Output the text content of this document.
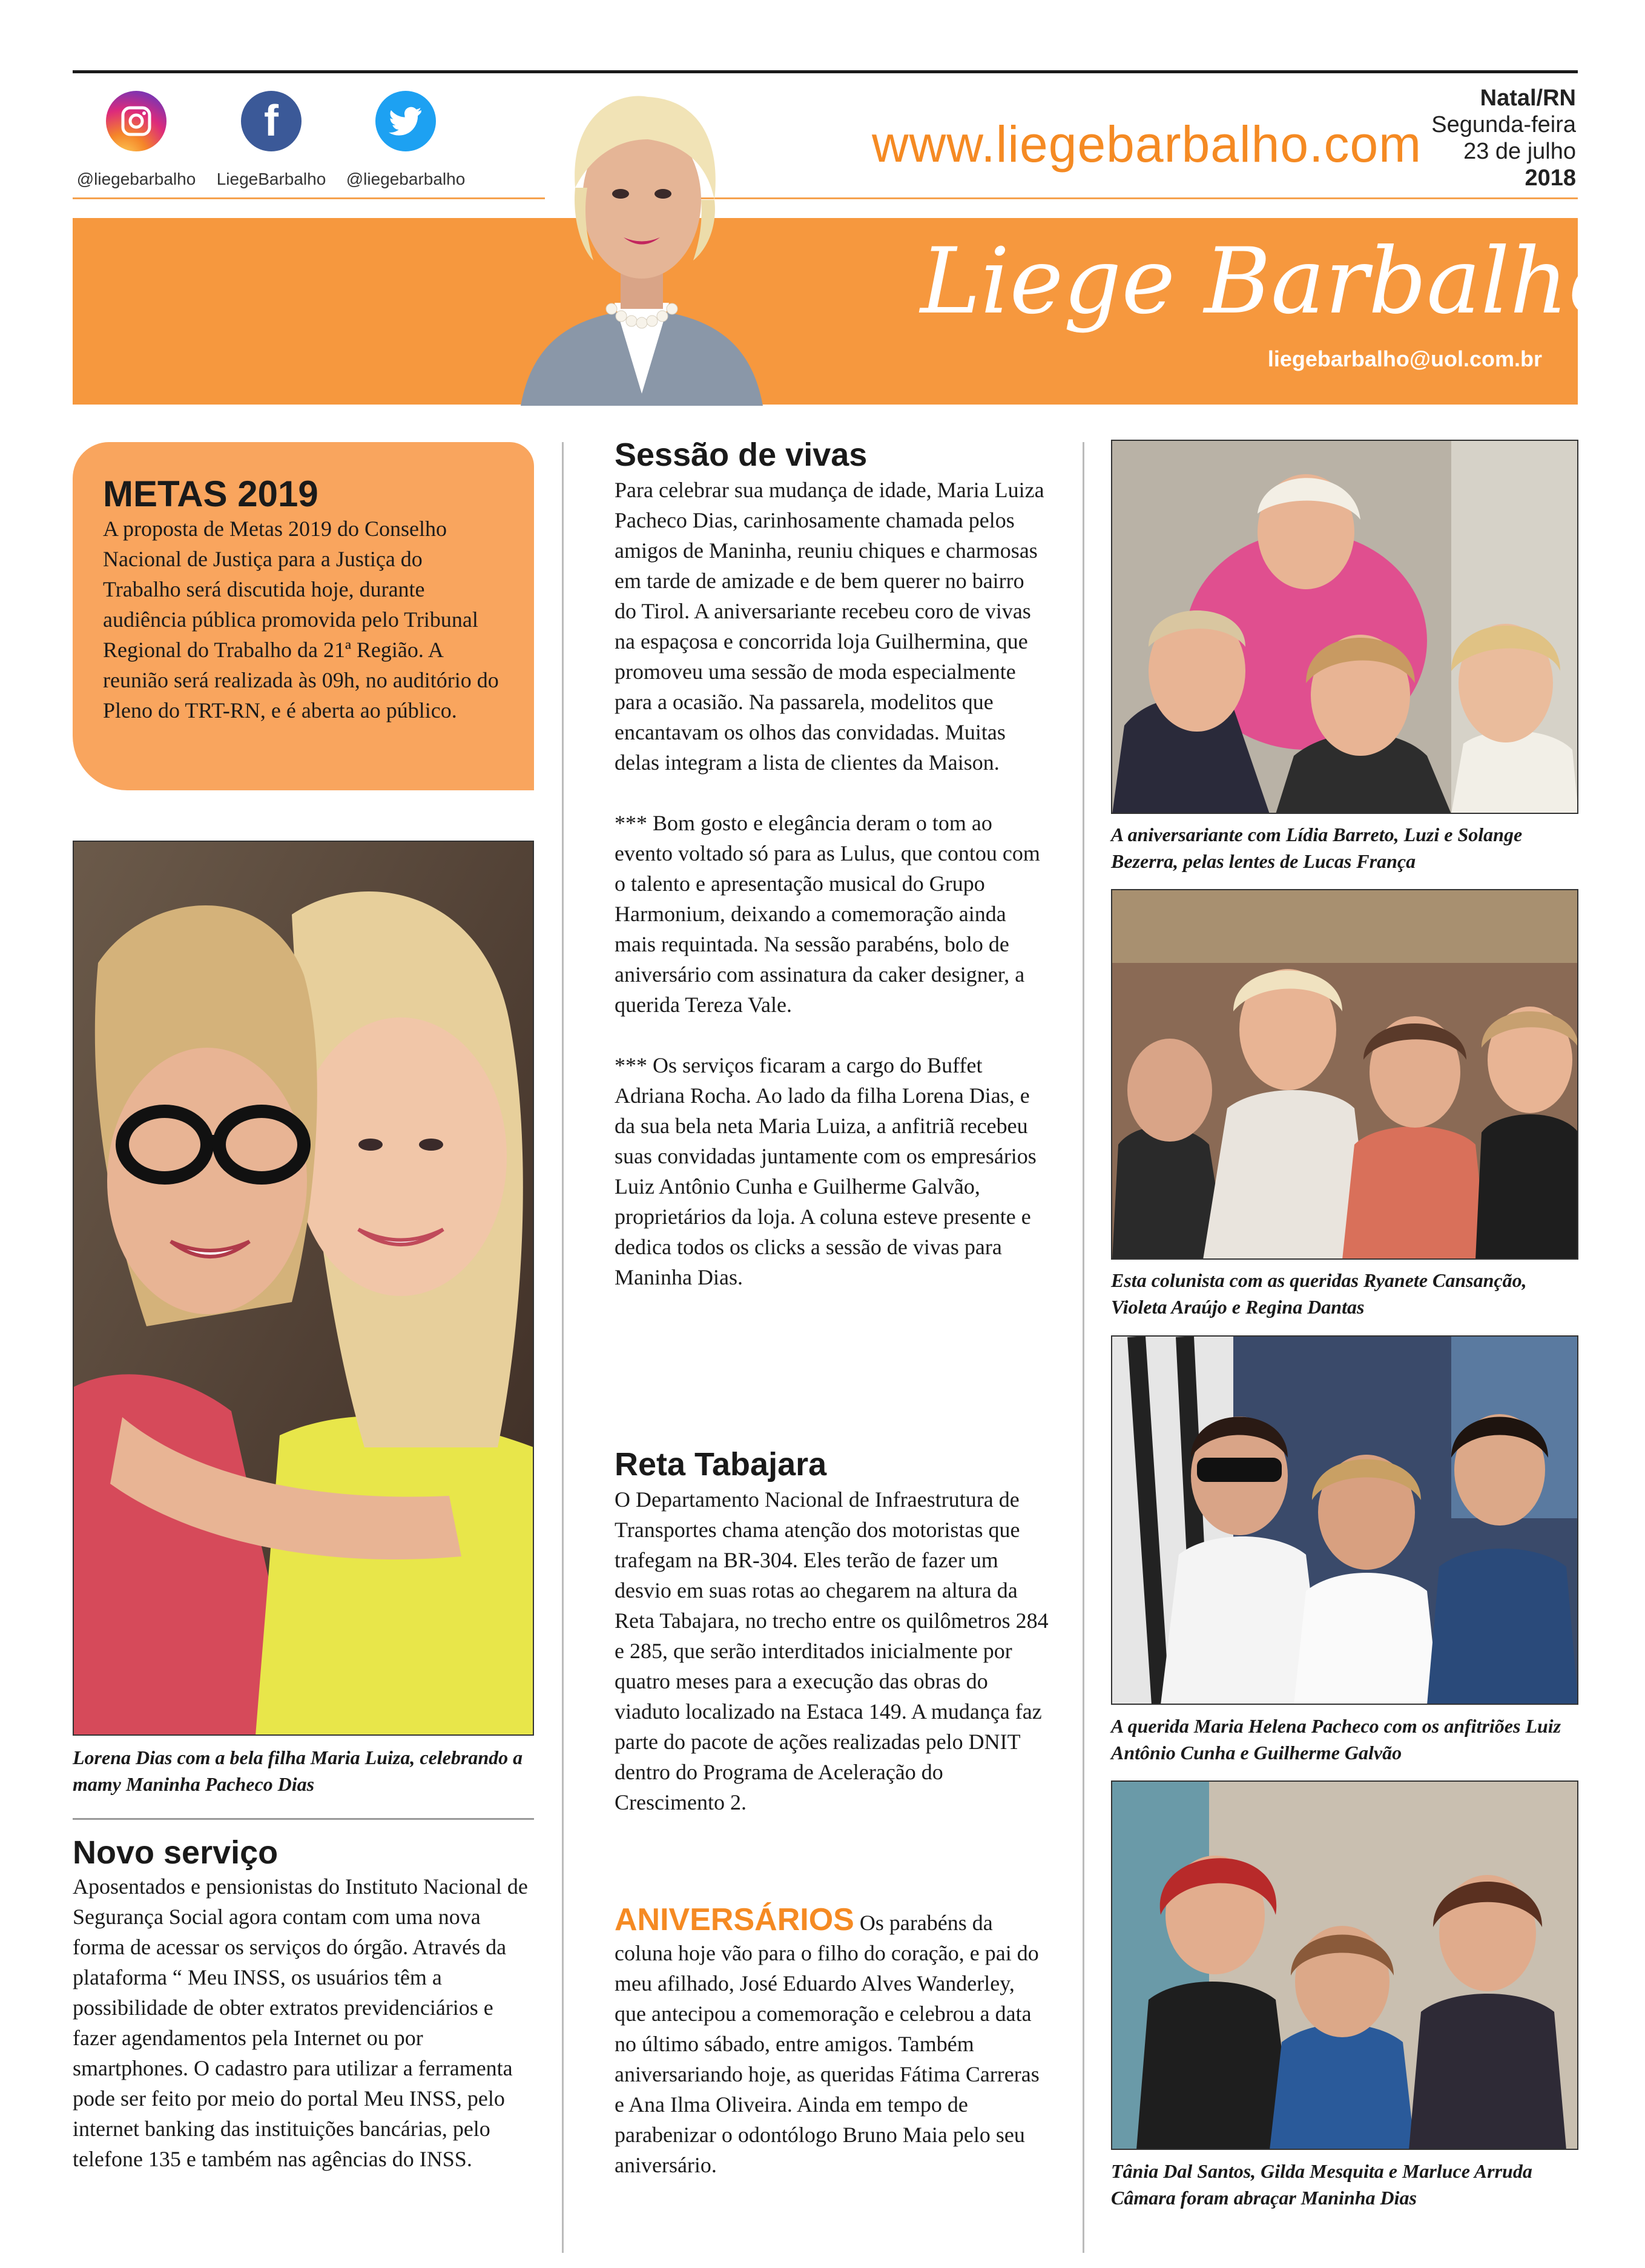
@liegebarbalho
f
LiegeBarbalho	@liegebarbalho
www.liegebarbalho.com
Natal/RN
Segunda-feira
23 de julho
2018
Liege Barbalho
liegebarbalho@uol.com.br
METAS 2019
A proposta de Metas 2019 do Conselho Nacional de Justiça para a Justiça do Trabalho será discutida hoje, durante audiência pública promovida pelo Tribunal Regional do Trabalho da 21ª Região. A reunião será realizada às 09h, no auditório do Pleno do TRT-RN, e é aberta ao público.
Lorena Dias com a bela filha Maria Luiza, celebrando a mamy Maninha Pacheco Dias
Novo serviço
Aposentados e pensionistas do Instituto Nacional de Segurança Social agora contam com uma nova forma de acessar os serviços do órgão. Através da plataforma “ Meu INSS, os usuários têm a possibilidade de obter extratos previdenciários e fazer agendamentos pela Internet ou por smartphones. O cadastro para utilizar a ferramenta pode ser feito por meio do portal Meu INSS, pelo internet banking das instituições bancárias, pelo telefone 135 e também nas agências do INSS.
Sessão de vivas
Para celebrar sua mudança de idade, Maria Luiza Pacheco Dias, carinhosamente chamada pelos amigos de Maninha, reuniu chiques e charmosas em tarde de amizade e de bem querer no bairro do Tirol. A aniversariante recebeu coro de vivas na espaçosa e concorrida loja Guilhermina, que promoveu uma sessão de moda especialmente para a ocasião. Na passarela, modelitos que encantavam os olhos das convidadas. Muitas delas integram a lista de clientes da Maison.
*** Bom gosto e elegância deram o tom ao evento voltado só para as Lulus, que contou com o talento e apresentação musical do Grupo Harmonium, deixando a comemoração ainda mais requintada. Na sessão parabéns, bolo de aniversário com assinatura da caker designer, a querida Tereza Vale.
*** Os serviços ficaram a cargo do Buffet Adriana Rocha. Ao lado da filha Lorena Dias, e da sua bela neta Maria Luiza, a anfitriã recebeu suas convidadas juntamente com os empresários Luiz Antônio Cunha e Guilherme Galvão, proprietários da loja. A coluna esteve presente e dedica todos os clicks a sessão de vivas para Maninha Dias.
Reta Tabajara
O Departamento Nacional de Infraestrutura de Transportes chama atenção dos motoristas que trafegam na BR-304. Eles terão de fazer um desvio em suas rotas ao chegarem na altura da Reta Tabajara, no trecho entre os quilômetros 284 e 285, que serão interditados inicialmente por quatro meses para a execução das obras do viaduto localizado na Estaca 149. A mudança faz parte do pacote de ações realizadas pelo DNIT dentro do Programa de Aceleração do Crescimento 2.
ANIVERSÁRIOS Os parabéns da coluna hoje vão para o filho do coração, e pai do meu afilhado, José Eduardo Alves Wanderley, que antecipou a comemoração e celebrou a data no último sábado, entre amigos. Também aniversariando hoje, as queridas Fátima Carreras e Ana Ilma Oliveira. Ainda em tempo de parabenizar o odontólogo Bruno Maia pelo seu aniversário.
A aniversariante com Lídia Barreto, Luzi e Solange Bezerra, pelas lentes de Lucas França
Esta colunista com as queridas Ryanete Cansanção, Violeta Araújo e Regina Dantas
A querida Maria Helena Pacheco com os anfitriões Luiz Antônio Cunha e Guilherme Galvão
Tânia Dal Santos, Gilda Mesquita e Marluce Arruda Câmara foram abraçar Maninha Dias
